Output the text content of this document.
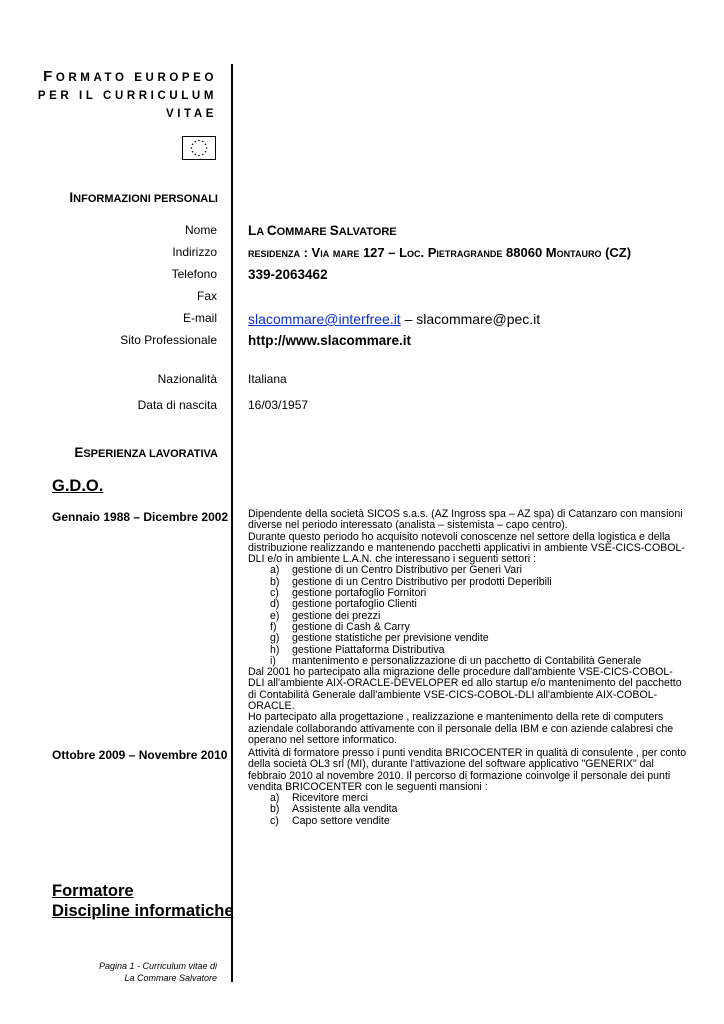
FORMATO EUROPEO
PER IL CURRICULUM
VITAE
INFORMAZIONI PERSONALI
Nome LA COMMARE SALVATORE
Indirizzo residenza : Via mare 127 – Loc. Pietragrande 88060 Montauro (CZ)
Telefono 339-2063462
Fax
E-mail slacommare@interfree.it – slacommare@pec.it
Sito Professionale http://www.slacommare.it
Nazionalità	Italiana
Data di nascita	16/03/1957
ESPERIENZA LAVORATIVA
G.D.O.
Gennaio 1988 – Dicembre 2002 Dipendente della società SICOS s.a.s. (AZ Ingross spa – AZ spa) di Catanzaro con mansioni diverse nel periodo interessato (analista – sistemista – capo centro).

Durante questo periodo ho acquisito notevoli conoscenze nel settore della logistica e della distribuzione realizzando e mantenendo pacchetti applicativi in ambiente VSE-CICS-COBOL-DLI e/o in ambiente L.A.N. che interessano i seguenti settori :

a) gestione di un Centro Distributivo per Generi Vari
b) gestione di un Centro Distributivo per prodotti Deperibili
c) gestione portafoglio Fornitori
d) gestione portafoglio Clienti
e) gestione dei prezzi
f) gestione di Cash & Carry
g) gestione statistiche per previsione vendite
h) gestione Piattaforma Distributiva
i) mantenimento e personalizzazione di un pacchetto di Contabilità Generale

Dal 2001 ho partecipato alla migrazione delle procedure dall'ambiente VSE-CICS-COBOL-DLI all'ambiente AIX-ORACLE-DEVELOPER ed allo startup e/o mantenimento del pacchetto di Contabilità Generale dall'ambiente VSE-CICS-COBOL-DLI all'ambiente AIX-COBOL-ORACLE.

Ho partecipato alla progettazione , realizzazione e mantenimento della rete di computers aziendale collaborando attivamente con il personale della IBM e con aziende calabresi che operano nel settore informatico.

Ottobre 2009 – Novembre 2010 Attività di formatore presso i punti vendita BRICOCENTER in qualità di consulente , per conto della società OL3 srl (MI), durante l'attivazione del software applicativo "GENERIX" dal febbraio 2010 al novembre 2010. Il percorso di formazione coinvolge il personale dei punti vendita BRICOCENTER con le seguenti mansioni :

a) Ricevitore merci
b) Assistente alla vendita
c) Capo settore vendite
Formatore
Discipline informatiche
Pagina 1 - Curriculum vitae di
La Commare Salvatore
